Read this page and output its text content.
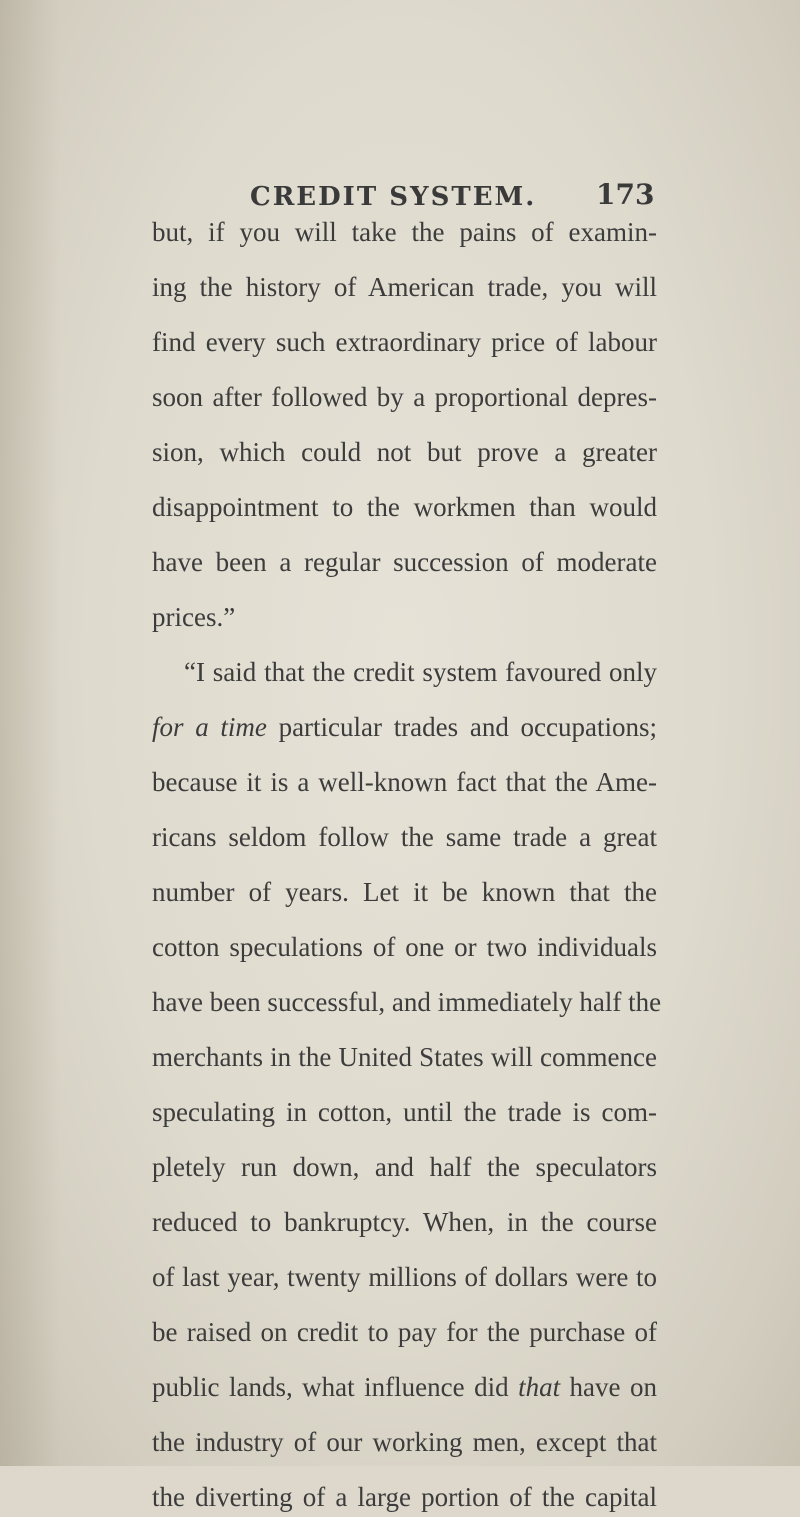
CREDIT SYSTEM. 173
but, if you will take the pains of examin-
ing the history of American trade, you will
find every such extraordinary price of labour
soon after followed by a proportional depres-
sion, which could not but prove a greater
disappointment to the workmen than would
have been a regular succession of moderate
prices.”
“I said that the credit system favoured only
for a time particular trades and occupations;
because it is a well-known fact that the Ame-
ricans seldom follow the same trade a great
number of years. Let it be known that the
cotton speculations of one or two individuals
have been successful, and immediately half the
merchants in the United States will commence
speculating in cotton, until the trade is com-
pletely run down, and half the speculators
reduced to bankruptcy. When, in the course
of last year, twenty millions of dollars were to
be raised on credit to pay for the purchase of
public lands, what influence did that have on
the industry of our working men, except that
the diverting of a large portion of the capital
